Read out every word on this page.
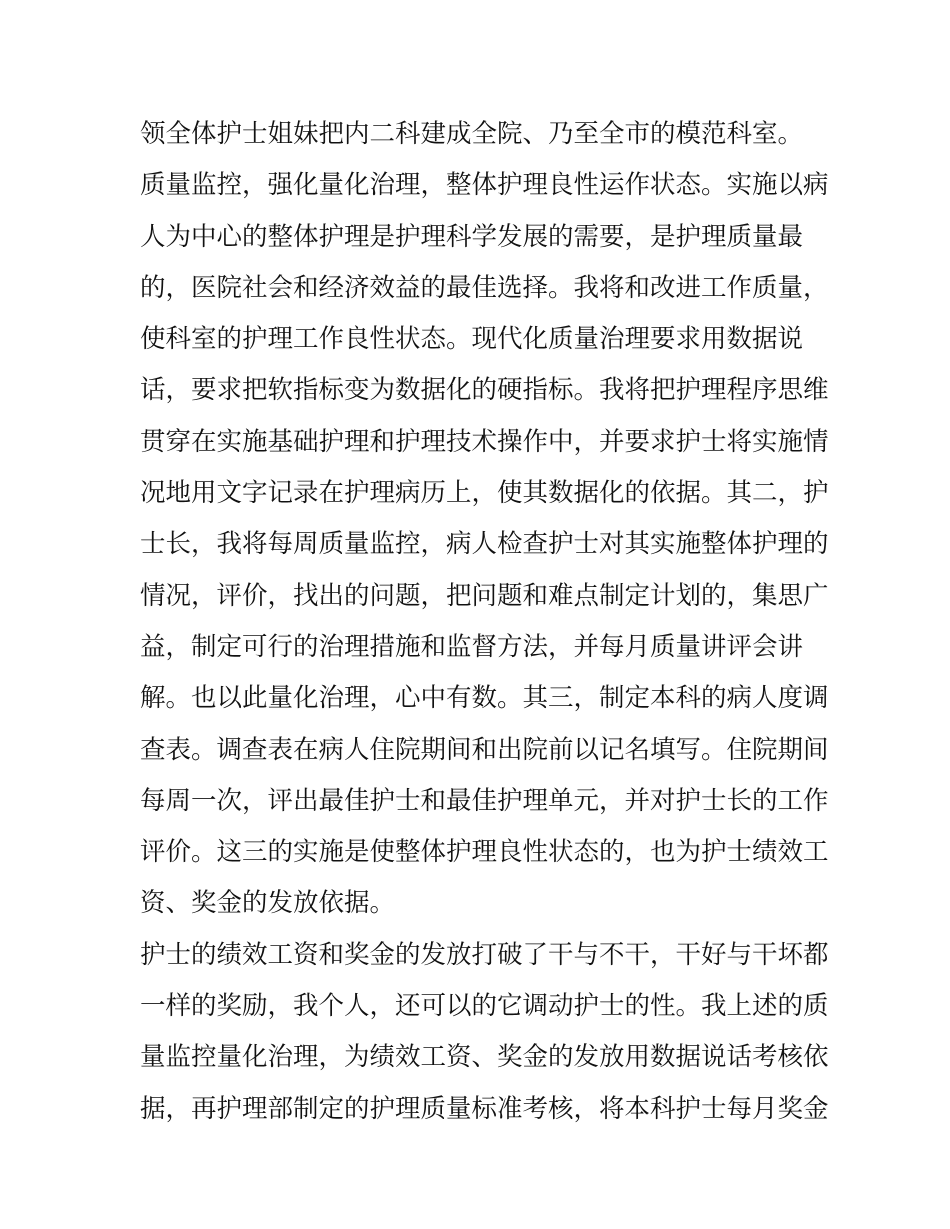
领全体护士姐妹把内二科建成全院、乃至全市的模范科室。
质量监控，强化量化治理，整体护理良性运作状态。实施以病
人为中心的整体护理是护理科学发展的需要，是护理质量最
的，医院社会和经济效益的最佳选择。我将和改进工作质量，
使科室的护理工作良性状态。现代化质量治理要求用数据说
话，要求把软指标变为数据化的硬指标。我将把护理程序思维
贯穿在实施基础护理和护理技术操作中，并要求护士将实施情
况地用文字记录在护理病历上，使其数据化的依据。其二，护
士长，我将每周质量监控，病人检查护士对其实施整体护理的
情况，评价，找出的问题，把问题和难点制定计划的，集思广
益，制定可行的治理措施和监督方法，并每月质量讲评会讲
解。也以此量化治理，心中有数。其三，制定本科的病人度调
查表。调查表在病人住院期间和出院前以记名填写。住院期间
每周一次，评出最佳护士和最佳护理单元，并对护士长的工作
评价。这三的实施是使整体护理良性状态的，也为护士绩效工
资、奖金的发放依据。
护士的绩效工资和奖金的发放打破了干与不干，干好与干坏都
一样的奖励，我个人，还可以的它调动护士的性。我上述的质
量监控量化治理，为绩效工资、奖金的发放用数据说话考核依
据，再护理部制定的护理质量标准考核，将本科护士每月奖金
